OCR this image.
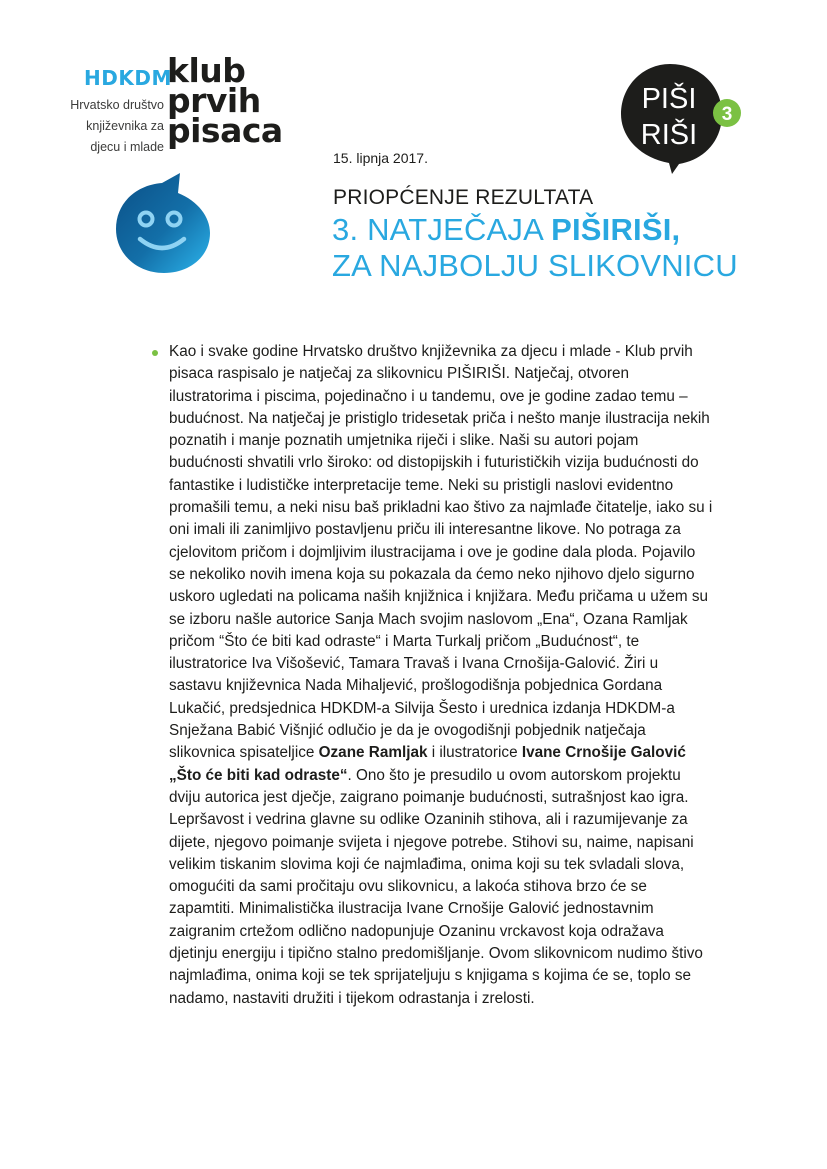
HDKDM
klub
prvih
pisaca
Hrvatsko društvo
književnika za
djecu i mlade
15. lipnja 2017.
PIŠI
RIŠI
3
PRIOPĆENJE REZULTATA
3. NATJEČAJA PIŠIRIŠI,
ZA NAJBOLJU SLIKOVNICU
Kao i svake godine Hrvatsko društvo književnika za djecu i mlade - Klub prvih pisaca raspisalo je natječaj za slikovnicu PIŠIRIŠI. Natječaj, otvoren ilustratorima i piscima, pojedinačno i u tandemu, ove je godine zadao temu – budućnost. Na natječaj je pristiglo tridesetak priča i nešto manje ilustracija nekih poznatih i manje poznatih umjetnika riječi i slike. Naši su autori pojam budućnosti shvatili vrlo široko: od distopijskih i futurističkih vizija budućnosti do fantastike i ludističke interpretacije teme. Neki su pristigli naslovi evidentno promašili temu, a neki nisu baš prikladni kao štivo za najmlađe čitatelje, iako su i oni imali ili zanimljivo postavljenu priču ili interesantne likove. No potraga za cjelovitom pričom i dojmljivim ilustracijama i ove je godine dala ploda. Pojavilo se nekoliko novih imena koja su pokazala da ćemo neko njihovo djelo sigurno uskoro ugledati na policama naših knjižnica i knjižara. Među pričama u užem su se izboru našle autorice Sanja Mach svojim naslovom „Ena“, Ozana Ramljak pričom “Što će biti kad odraste“ i Marta Turkalj pričom „Budućnost“, te ilustratorice Iva Višošević, Tamara Travaš i Ivana Crnošija-Galović. Žiri u sastavu književnica Nada Mihaljević, prošlogodišnja pobjednica Gordana Lukačić, predsjednica HDKDM-a Silvija Šesto i urednica izdanja HDKDM-a Snježana Babić Višnjić odlučio je da je ovogodišnji pobjednik natječaja slikovnica spisateljice Ozane Ramljak i ilustratorice Ivane Crnošije Galović „Što će biti kad odraste“. Ono što je presudilo u ovom autorskom projektu dviju autorica jest dječje, zaigrano poimanje budućnosti, sutrašnjost kao igra. Lepršavost i vedrina glavne su odlike Ozaninih stihova, ali i razumijevanje za dijete, njegovo poimanje svijeta i njegove potrebe. Stihovi su, naime, napisani velikim tiskanim slovima koji će najmlađima, onima koji su tek svladali slova, omogućiti da sami pročitaju ovu slikovnicu, a lakoća stihova brzo će se zapamtiti. Minimalistička ilustracija Ivane Crnošije Galović jednostavnim zaigranim crtežom odlično nadopunjuje Ozaninu vrckavost koja odražava djetinju energiju i tipično stalno predomišljanje. Ovom slikovnicom nudimo štivo najmlađima, onima koji se tek sprijateljuju s knjigama s kojima će se, toplo se nadamo, nastaviti družiti i tijekom odrastanja i zrelosti.
